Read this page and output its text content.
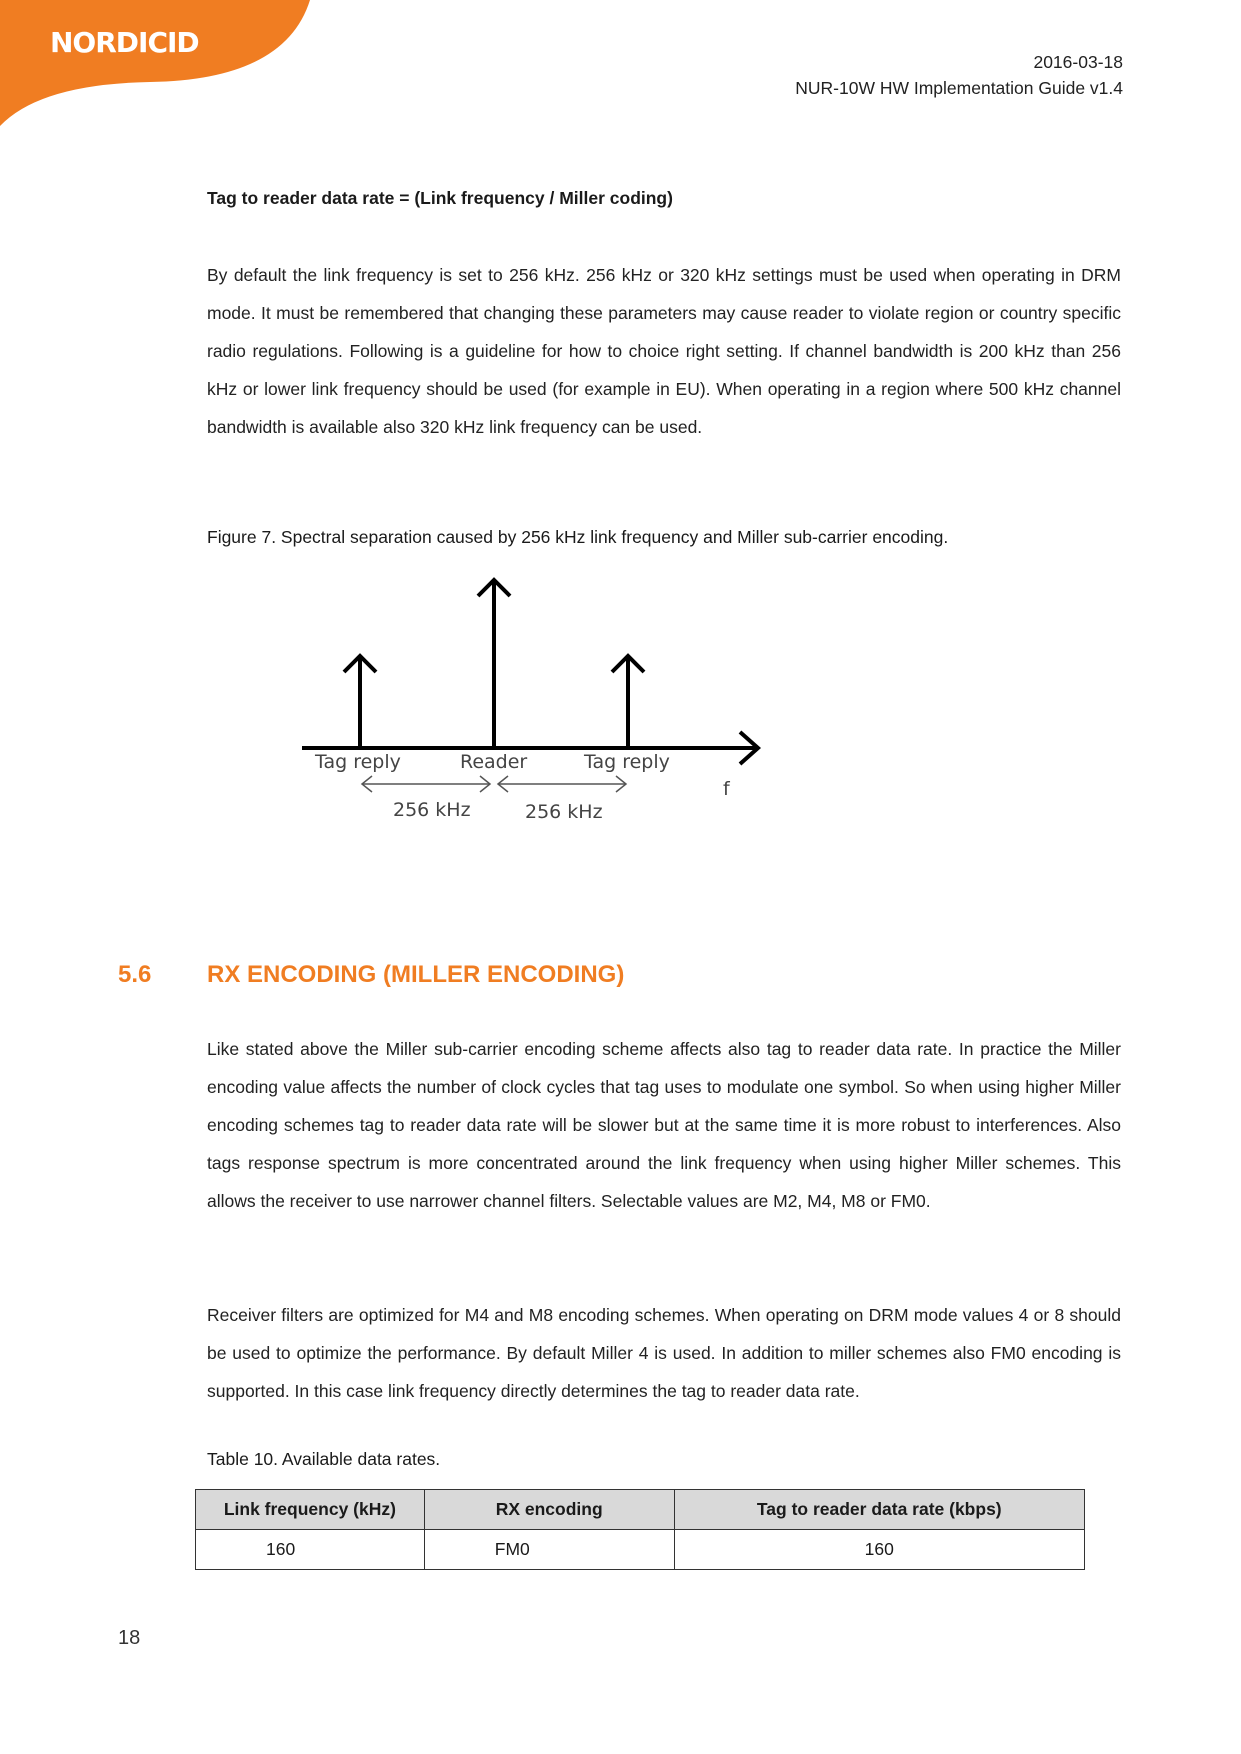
NORDICID
2016-03-18
NUR-10W HW Implementation Guide v1.4
Tag to reader data rate = (Link frequency / Miller coding)
By default the link frequency is set to 256 kHz. 256 kHz or 320 kHz settings must be used when operating in DRM mode. It must be remembered that changing these parameters may cause reader to violate region or country specific radio regulations. Following is a guideline for how to choice right setting. If channel bandwidth is 200 kHz than 256 kHz or lower link frequency should be used (for example in EU). When operating in a region where 500 kHz channel bandwidth is available also 320 kHz link frequency can be used.
Figure 7. Spectral separation caused by 256 kHz link frequency and Miller sub-carrier encoding.
Tag reply	Reader	Tag reply
f
256 kHz	256 kHz
5.6 RX ENCODING (MILLER ENCODING)
Like stated above the Miller sub-carrier encoding scheme affects also tag to reader data rate. In practice the Miller encoding value affects the number of clock cycles that tag uses to modulate one symbol. So when using higher Miller encoding schemes tag to reader data rate will be slower but at the same time it is more robust to interferences. Also tags response spectrum is more concentrated around the link frequency when using higher Miller schemes. This allows the receiver to use narrower channel filters. Selectable values are M2, M4, M8 or FM0.
Receiver filters are optimized for M4 and M8 encoding schemes. When operating on DRM mode values 4 or 8 should be used to optimize the performance. By default Miller 4 is used. In addition to miller schemes also FM0 encoding is supported. In this case link frequency directly determines the tag to reader data rate.
Table 10. Available data rates.
Link frequency (kHz)	RX encoding	Tag to reader data rate (kbps)
160	FM0	160
18
